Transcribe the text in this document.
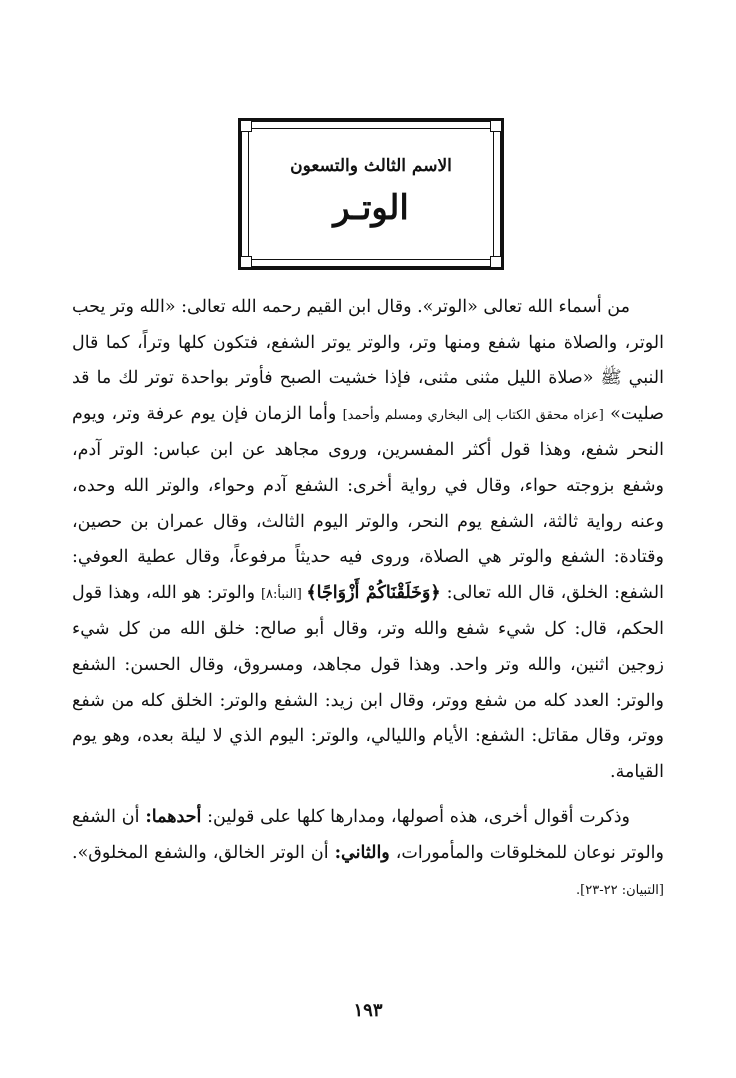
الاسم الثالث والتسعون
الوتـر

من أسماء الله تعالى «الوتر». وقال ابن القيم رحمه الله تعالى: «الله وتر يحب الوتر، والصلاة منها شفع ومنها وتر، والوتر يوتر الشفع، فتكون كلها وتراً، كما قال النبي ﷺ «صلاة الليل مثنى مثنى، فإذا خشيت الصبح فأوتر بواحدة توتر لك ما قد صليت» [عزاه محقق الكتاب إلى البخاري ومسلم وأحمد] وأما الزمان فإن يوم عرفة وتر، ويوم النحر شفع، وهذا قول أكثر المفسرين، وروى مجاهد عن ابن عباس: الوتر آدم، وشفع بزوجته حواء، وقال في رواية أخرى: الشفع آدم وحواء، والوتر الله وحده، وعنه رواية ثالثة، الشفع يوم النحر، والوتر اليوم الثالث، وقال عمران بن حصين، وقتادة: الشفع والوتر هي الصلاة، وروى فيه حديثاً مرفوعاً، وقال عطية العوفي: الشفع: الخلق، قال الله تعالى: ﴿وَخَلَقْنَاكُمْ أَزْوَاجًا﴾ [النبأ:٨] والوتر: هو الله، وهذا قول الحكم، قال: كل شيء شفع والله وتر، وقال أبو صالح: خلق الله من كل شيء زوجين اثنين، والله وتر واحد. وهذا قول مجاهد، ومسروق، وقال الحسن: الشفع والوتر: العدد كله من شفع ووتر، وقال ابن زيد: الشفع والوتر: الخلق كله من شفع ووتر، وقال مقاتل: الشفع: الأيام والليالي، والوتر: اليوم الذي لا ليلة بعده، وهو يوم القيامة.

وذكرت أقوال أخرى، هذه أصولها، ومدارها كلها على قولين: أحدهما: أن الشفع والوتر نوعان للمخلوقات والمأمورات، والثاني: أن الوتر الخالق، والشفع المخلوق». [التبيان: ٢٢-٢٣].

١٩٣
